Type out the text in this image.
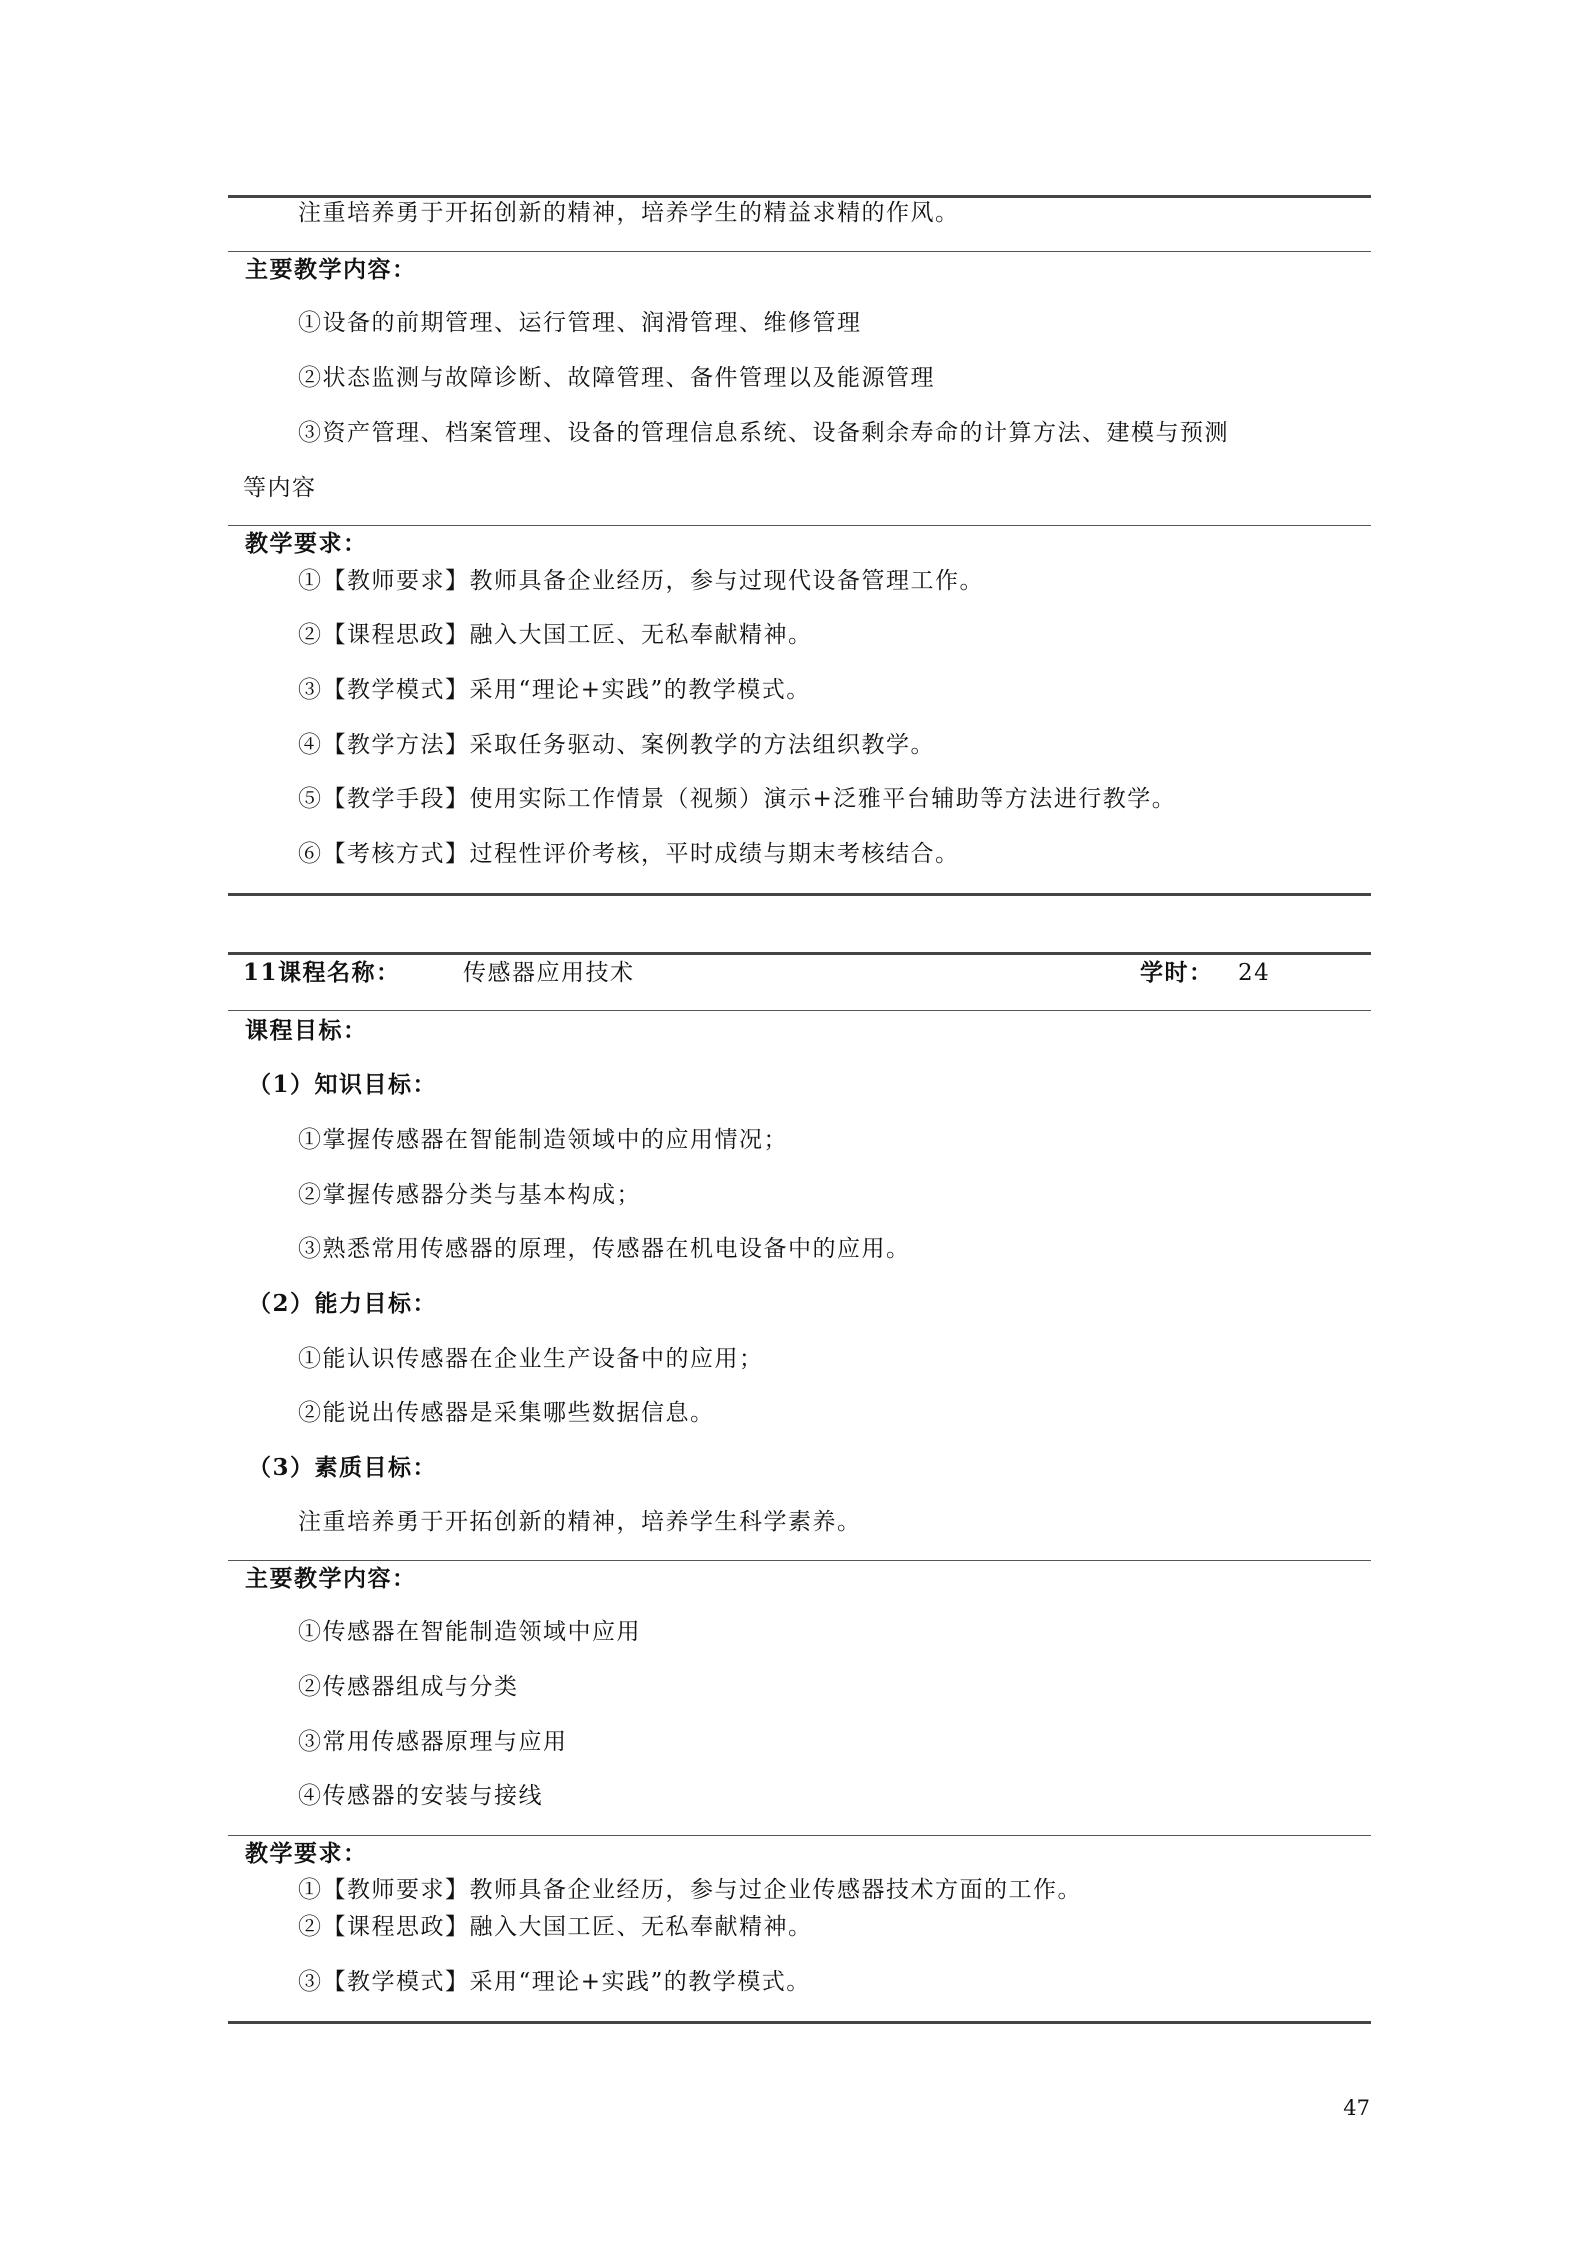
注重培养勇于开拓创新的精神，培养学生的精益求精的作风。
主要教学内容：
①设备的前期管理、运行管理、润滑管理、维修管理
②状态监测与故障诊断、故障管理、备件管理以及能源管理
③资产管理、档案管理、设备的管理信息系统、设备剩余寿命的计算方法、建模与预测
等内容
教学要求：
①【教师要求】教师具备企业经历，参与过现代设备管理工作。
②【课程思政】融入大国工匠、无私奉献精神。
③【教学模式】采用“理论+实践”的教学模式。
④【教学方法】采取任务驱动、案例教学的方法组织教学。
⑤【教学手段】使用实际工作情景（视频）演示+泛雅平台辅助等方法进行教学。
⑥【考核方式】过程性评价考核，平时成绩与期末考核结合。
11课程名称：	传感器应用技术	学时： 24
课程目标：
（1）知识目标：
①掌握传感器在智能制造领域中的应用情况；
②掌握传感器分类与基本构成；
③熟悉常用传感器的原理，传感器在机电设备中的应用。
（2）能力目标：
①能认识传感器在企业生产设备中的应用；
②能说出传感器是采集哪些数据信息。
（3）素质目标：
注重培养勇于开拓创新的精神，培养学生科学素养。
主要教学内容：
①传感器在智能制造领域中应用
②传感器组成与分类
③常用传感器原理与应用
④传感器的安装与接线
教学要求：
①【教师要求】教师具备企业经历，参与过企业传感器技术方面的工作。
②【课程思政】融入大国工匠、无私奉献精神。
③【教学模式】采用“理论+实践”的教学模式。
47
